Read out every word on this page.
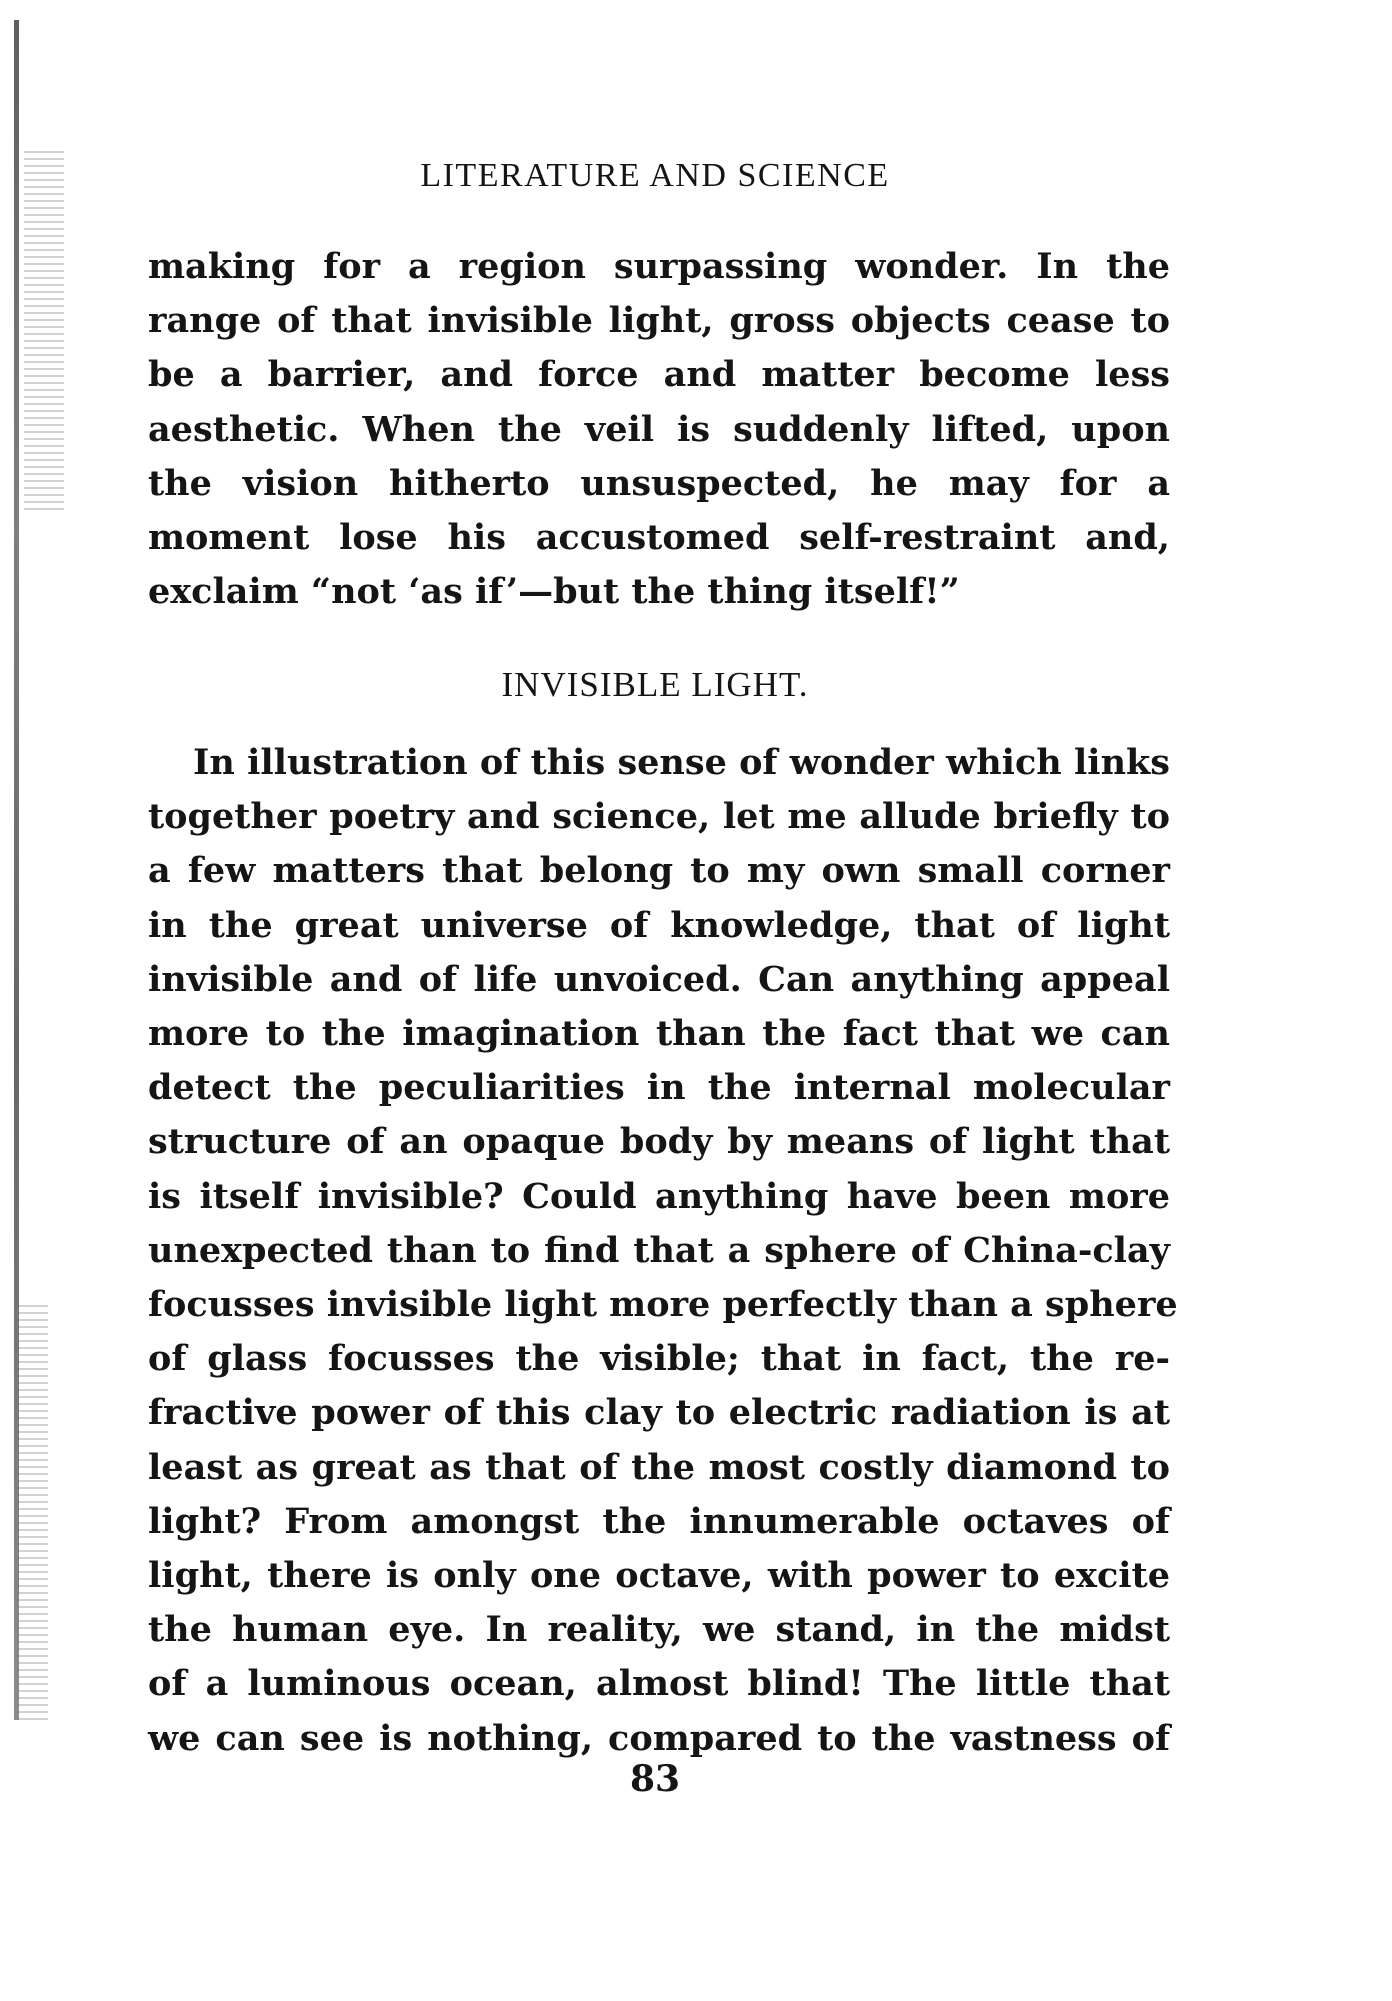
LITERATURE AND SCIENCE
making for a region surpassing wonder. In the
range of that invisible light, gross objects cease to
be a barrier, and force and matter become less
aesthetic. When the veil is suddenly lifted, upon
the vision hitherto unsuspected, he may for a
moment lose his accustomed self-restraint and,
exclaim “not ‘as if’—but the thing itself!”
INVISIBLE LIGHT.
In illustration of this sense of wonder which links
together poetry and science, let me allude briefly to
a few matters that belong to my own small corner
in the great universe of knowledge, that of light
invisible and of life unvoiced. Can anything appeal
more to the imagination than the fact that we can
detect the peculiarities in the internal molecular
structure of an opaque body by means of light that
is itself invisible? Could anything have been more
unexpected than to find that a sphere of China-clay
focusses invisible light more perfectly than a sphere
of glass focusses the visible; that in fact, the re-
fractive power of this clay to electric radiation is at
least as great as that of the most costly diamond to
light? From amongst the innumerable octaves of
light, there is only one octave, with power to excite
the human eye. In reality, we stand, in the midst
of a luminous ocean, almost blind! The little that
we can see is nothing, compared to the vastness of
83
